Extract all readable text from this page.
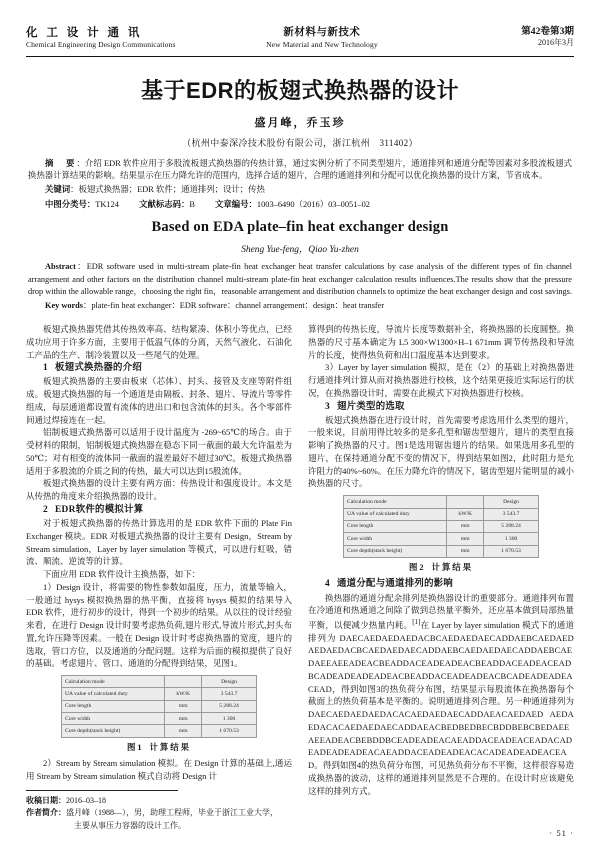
化 工 设 计 通 讯
Chemical Engineering Design Communications
新材料与新技术
New Material and New Technology
第42卷第3期
2016年3月
基于EDR的板翅式换热器的设计
盛月峰，乔玉珍
（杭州中泰深冷技术股份有限公司，浙江杭州　311402）

摘　要：介绍 EDR 软件应用于多股流板翅式换热器的传热计算，通过实例分析了不同类型翅片，通道排列和通道分配等因素对多股流板翅式换热器计算结果的影响。结果显示在压力降允许的范围内，选择合适的翅片，合理的通道排列和分配可以优化换热器的设计方案，节省成本。

关键词：板翅式换热器；EDR 软件；通道排列；设计；传热

中图分类号：TK124 文献标志码：B 文章编号：1003–6490（2016）03–0051–02

Based on EDA plate–fin heat exchanger design
Sheng Yue-feng，Qiao Yu-zhen

Abstract：EDR software used in multi-stream plate-fin heat exchanger heat transfer calculations by case analysis of the different types of fin channel arrangement and other factors on the distribution channel multi-stream plate-fin heat exchanger calculation results influences.The results show that the pressure drop within the allowable range，choosing the right fin，reasonable arrangement and distribution channels to optimize the heat exchanger design and cost savings.

Key words：plate-fin heat exchanger：EDR software：channel arrangement：design：heat transfer

板翅式换热器凭借其传热效率高、结构紧凑、体积小等优点，已经成功应用于许多方面，主要用于低温气体的分离，天然气液化、石油化工产品的生产、制冷装置以及一些尾气的处理。

1 板翅式换热器的介绍

板翅式换热器的主要由板束（芯体）、封头、接管及支座等附件组成。板翅式换热器的每一个通道是由隔板、封条、翅片、导流片等零件组成，每层通道都设置有流体的进出口和包含流体的封头。各个零部件间通过焊接连在一起。

铝制板翅式换热器可以适用于设计温度为 -269~65℃的场合。由于受材料的限制，铝制板翅式换热器在稳态下同一截面的最大允许温差为50℃；对有相变的流体同一截面的温差最好不超过30℃。板翅式换热器适用于多股流的介质之间的传热，最大可以达到15股流体。

板翅式换热器的设计主要有两方面：传热设计和强度设计。本文是从传热的角度来介绍换热器的设计。

2 EDR软件的模拟计算

对于板翅式换热器的传热计算选用的是 EDR 软件下面的 Plate Fin Exchanger 模块。EDR 对板翅式换热器的设计主要有 Design，Stream by Stream simulation，Layer by layer simulation 等模式，可以进行虹吸，错流、顺流、逆流等的计算。

下面应用 EDR 软件设计主换热器，如下：

1）Design 设计，将需要的物性参数如温度，压力，流量等输入，一般通过 hysys 模拟换热器的热平衡，直接将 hysys 模拟的结果导入 EDR 软件，进行初步的设计，得到一个初步的结果。从以往的设计经验来看，在进行 Design 设计时要考虑热负荷,翅片形式,导流片形式,封头布置,允许压降等因素。一般在 Design 设计时考虑换热器的宽度，翅片的选取，管口方位，以及通道的分配问题。这样为后面的模拟提供了良好的基础。考虑翅片、管口、通道的分配得到结果，见图1。

Calculation mode		Design
UA value of calculated duty	kW/K	3 543.7
Core length	mm	5 288.24
Core width	mm	1 300
Core depth(stack height)	mm	1 670.53
图1 计算结果

2）Stream by Stream simulation 模拟。在 Design 计算的基础上,通运用 Stream by Stream simulation 模式自动将 Design 计

收稿日期：2016–03–18
作者简介：盛月峰（1988—），男，助理工程师，毕业于浙江工业大学，
主要从事压力容器的设计工作。

算得到的传热长度，导流片长度等数据补全，将换热器的长度圆整。换热器的尺寸基本确定为 L5 300×W1300×H–1 671mm 调节传热段和导流片的长度，使得热负荷和出口温度基本达到要求。

3）Layer by layer simulation 模拟，是在（2）的基础上对换热器进行通道排列计算从而对换热器进行校核，这个结果更接近实际运行的状况，在换热器设计时，需要在此模式下对换热器进行校核。

3 翅片类型的选取

板翅式换热器在进行设计时，首先需要考虑选用什么类型的翅片，一般来说，目前用得比较多的是多孔型和锯齿型翅片，翅片的类型直接影响了换热器的尺寸。图1是选用锯齿翅片的结果。如果选用多孔型的翅片，在保持通道分配不变的情况下，得到结果如图2，此时阻力是允许阻力的40%~60%。在压力降允许的情况下，锯齿型翅片能明显的减小换热器的尺寸。

Calculation mode		Design
UA value of calculated duty	kW/K	3 543.7
Core length	mm	5 288.24
Core width	mm	1 300
Core depth(stack height)	mm	1 670.53
图2 计算结果

4 通道分配与通道排列的影响

换热器的通道分配余排列是换热器设计的重要部分。通道排列布置在冷通道和热通道之间除了做到总热量平衡外，还应基本做到局部热量平衡，以便减少热量内耗。[1]在 Layer by layer simulation 模式下的通道排列为 DAECAEDAEDAEDACBCAEDAEDAECADDAEBCAEDAEDAEDAEDACBCAEDAEDAECADDAEBCAEDAEDAECADDAEBCAEDAEEAEEADEACBEADDACEADEADEACBEADDACEADEACEADBCADEADEADEADEACBEADDACEADEADEACBCADEADEADEACEAD，得到如图3的热负荷分布图，结果显示每股流体在换热器每个截面上的热负荷基本是平衡的。说明通道排列合理。另一种通道排列为 DAECAEDAEDAEDACACAEDAEDAECADDAEACAEDAED AEDAEDACACAEDAEDAECADDAEACBEDBEDBECBDDBEBCBEDAEEAEEADEACBEBDDBCEADEADEACAEADDACEADEACEADACADEADEADEADEACAEADDACEADEADEACACADEADEADEACEAD。得到如图4的热负荷分布图，可见热负荷分布不平衡，这样很容易造成换热器的波动，这样的通道排列显然是不合理的。在设计时应该避免这样的排列方式。

· 51 ·
